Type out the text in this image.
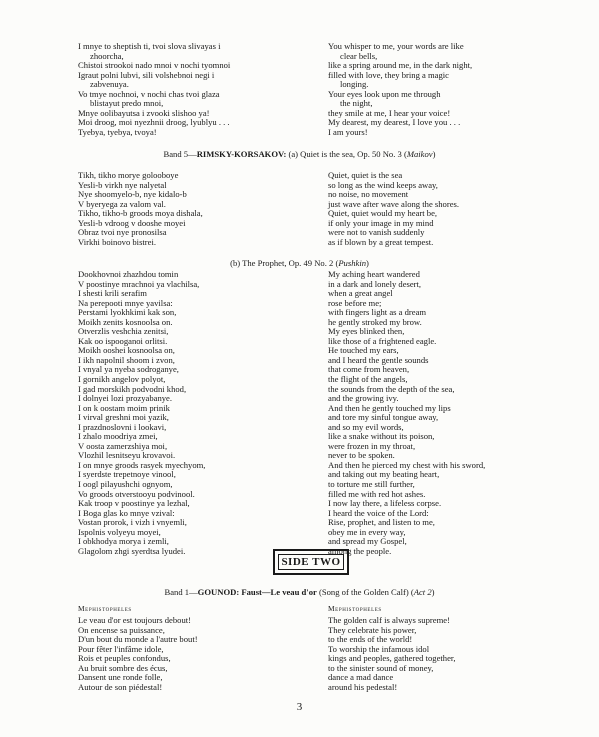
I mnye to sheptish ti, tvoi slova slivayas i
zhoorcha,
Chistoi strookoi nado mnoi v nochi tyomnoi
Igraut polni lubvi, sili volshebnoi negi i
zabvenuya.
Vo tmye nochnoi, v nochi chas tvoi glaza
blistayut predo mnoi,
Mnye oolibayutsa i zvooki slishoo ya!
Moi droog, moi nyezhnii droog, lyublyu . . .
Tyebya, tyebya, tvoya!
You whisper to me, your words are like
clear bells,
like a spring around me, in the dark night,
filled with love, they bring a magic
longing.
Your eyes look upon me through
the night,
they smile at me, I hear your voice!
My dearest, my dearest, I love you . . .
I am yours!
Band 5—RIMSKY-KORSAKOV: (a) Quiet is the sea, Op. 50 No. 3 (Maikov)
Tikh, tikho morye golooboye
Yesli-b virkh nye nalyetal
Nye shoomyelo-b, nye kidalo-b
V byeryega za valom val.
Tikho, tikho-b groods moya dishala,
Yesli-b vdroog v dooshe moyei
Obraz tvoi nye pronosilsa
Virkhi boinovo bistrei.
Quiet, quiet is the sea
so long as the wind keeps away,
no noise, no movement
just wave after wave along the shores.
Quiet, quiet would my heart be,
if only your image in my mind
were not to vanish suddenly
as if blown by a great tempest.
(b) The Prophet, Op. 49 No. 2 (Pushkin)
Dookhovnoi zhazhdou tomin
V poostinye mrachnoi ya vlachilsa,
I shesti krili serafim
Na perepooti mnye yavilsa:
Perstami lyokhkimi kak son,
Moikh zenits kosnoolsa on.
Otverzlis veshchia zenitsi,
Kak oo ispooganoi orlitsi.
Moikh ooshei kosnoolsa on,
I ikh napolnil shoom i zvon,
I vnyal ya nyeba sodroganye,
I gornikh angelov polyot,
I gad morskikh podvodni khod,
I dolnyei lozi prozyabanye.
I on k oostam moim prinik
I virval greshni moi yazik,
I prazdnoslovni i lookavi,
I zhalo moodriya zmei,
V oosta zamerzshiya moi,
Vlozhil lesnitseyu krovavoi.
I on mnye groods rasyek myechyom,
I syerdste trepetnoye vinool,
I oogl pilayushchi ognyom,
Vo groods otverstooyu podvinool.
Kak troop v poostinye ya lezhal,
I Boga glas ko mnye vzival:
Vostan prorok, i vizh i vnyemli,
Ispolnis volyeyu moyei,
I obkhodya morya i zemli,
Glagolom zhgi syerdtsa lyudei.
My aching heart wandered
in a dark and lonely desert,
when a great angel
rose before me;
with fingers light as a dream
he gently stroked my brow.
My eyes blinked then,
like those of a frightened eagle.
He touched my ears,
and I heard the gentle sounds
that come from heaven,
the flight of the angels,
the sounds from the depth of the sea,
and the growing ivy.
And then he gently touched my lips
and tore my sinful tongue away,
and so my evil words,
like a snake without its poison,
were frozen in my throat,
never to be spoken.
And then he pierced my chest with his sword,
and taking out my beating heart,
to torture me still further,
filled me with red hot ashes.
I now lay there, a lifeless corpse.
I heard the voice of the Lord:
Rise, prophet, and listen to me,
obey me in every way,
and spread my Gospel,
among the people.
SIDE TWO
Band 1—GOUNOD: Faust—Le veau d'or (Song of the Golden Calf) (Act 2)
Mephistopheles
Le veau d'or est toujours debout!
On encense sa puissance,
D'un bout du monde a l'autre bout!
Pour fêter l'infâme idole,
Rois et peuples confondus,
Au bruit sombre des écus,
Dansent une ronde folle,
Autour de son piédestal!
Mephistopheles
The golden calf is always supreme!
They celebrate his power,
to the ends of the world!
To worship the infamous idol
kings and peoples, gathered together,
to the sinister sound of money,
dance a mad dance
around his pedestal!
3
